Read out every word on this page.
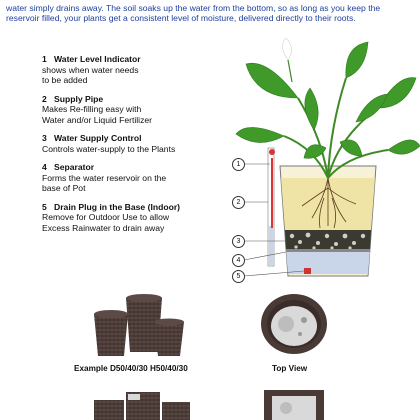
water simply drains away. The soil soaks up the water from the bottom, so as long as you keep the
reservoir filled, your plants get a consistent level of moisture, delivered directly to their roots.
1 Water Level Indicator
shows when water needs
to be added
2 Supply Pipe
Makes Re-filling easy with
Water and/or Liquid Fertilizer
3 Water Supply Control
Controls water-supply to the Plants
4 Separator
Forms the water reservoir on the
base of Pot
5 Drain Plug in the Base (Indoor)
Remove for Outdoor Use to allow
Excess Rainwater to drain away
1
2
3
4
5
Example D50/40/30 H50/40/30	Top View
